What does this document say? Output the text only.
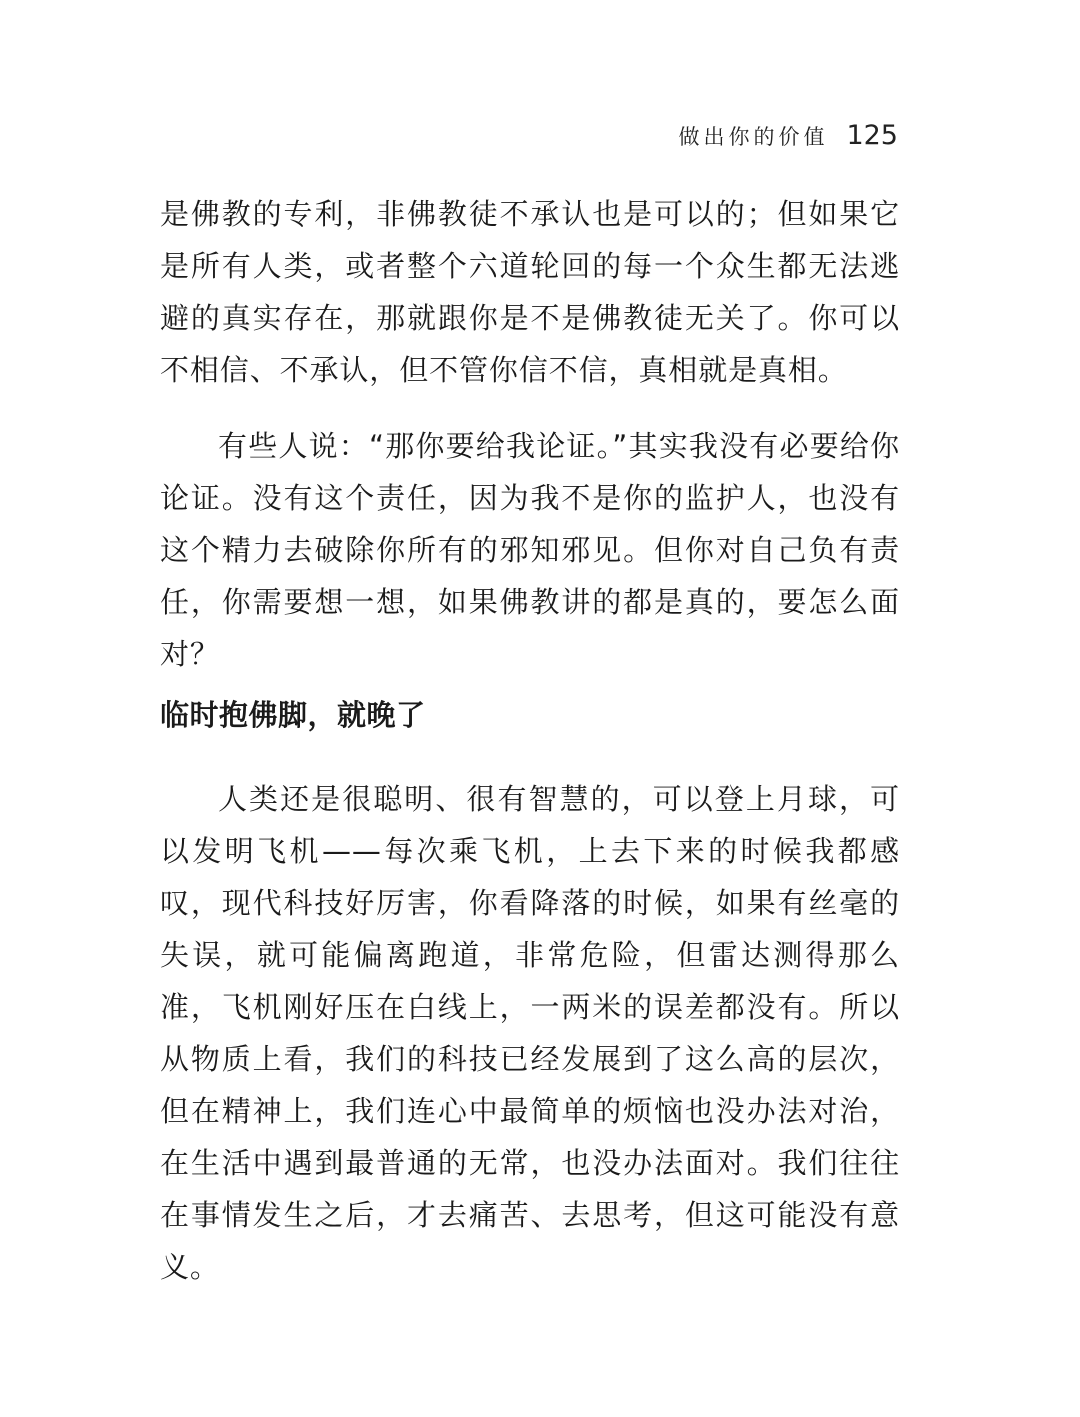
做出你的价值 125

是佛教的专利，非佛教徒不承认也是可以的；但如果它是所有人类，或者整个六道轮回的每一个众生都无法逃避的真实存在，那就跟你是不是佛教徒无关了。你可以不相信、不承认，但不管你信不信，真相就是真相。

有些人说：“那你要给我论证。”其实我没有必要给你论证。没有这个责任，因为我不是你的监护人，也没有这个精力去破除你所有的邪知邪见。但你对自己负有责任，你需要想一想，如果佛教讲的都是真的，要怎么面对？

临时抱佛脚，就晚了

人类还是很聪明、很有智慧的，可以登上月球，可以发明飞机——每次乘飞机，上去下来的时候我都感叹，现代科技好厉害，你看降落的时候，如果有丝毫的失误，就可能偏离跑道，非常危险，但雷达测得那么准，飞机刚好压在白线上，一两米的误差都没有。所以从物质上看，我们的科技已经发展到了这么高的层次，但在精神上，我们连心中最简单的烦恼也没办法对治，在生活中遇到最普通的无常，也没办法面对。我们往往在事情发生之后，才去痛苦、去思考，但这可能没有意义。
